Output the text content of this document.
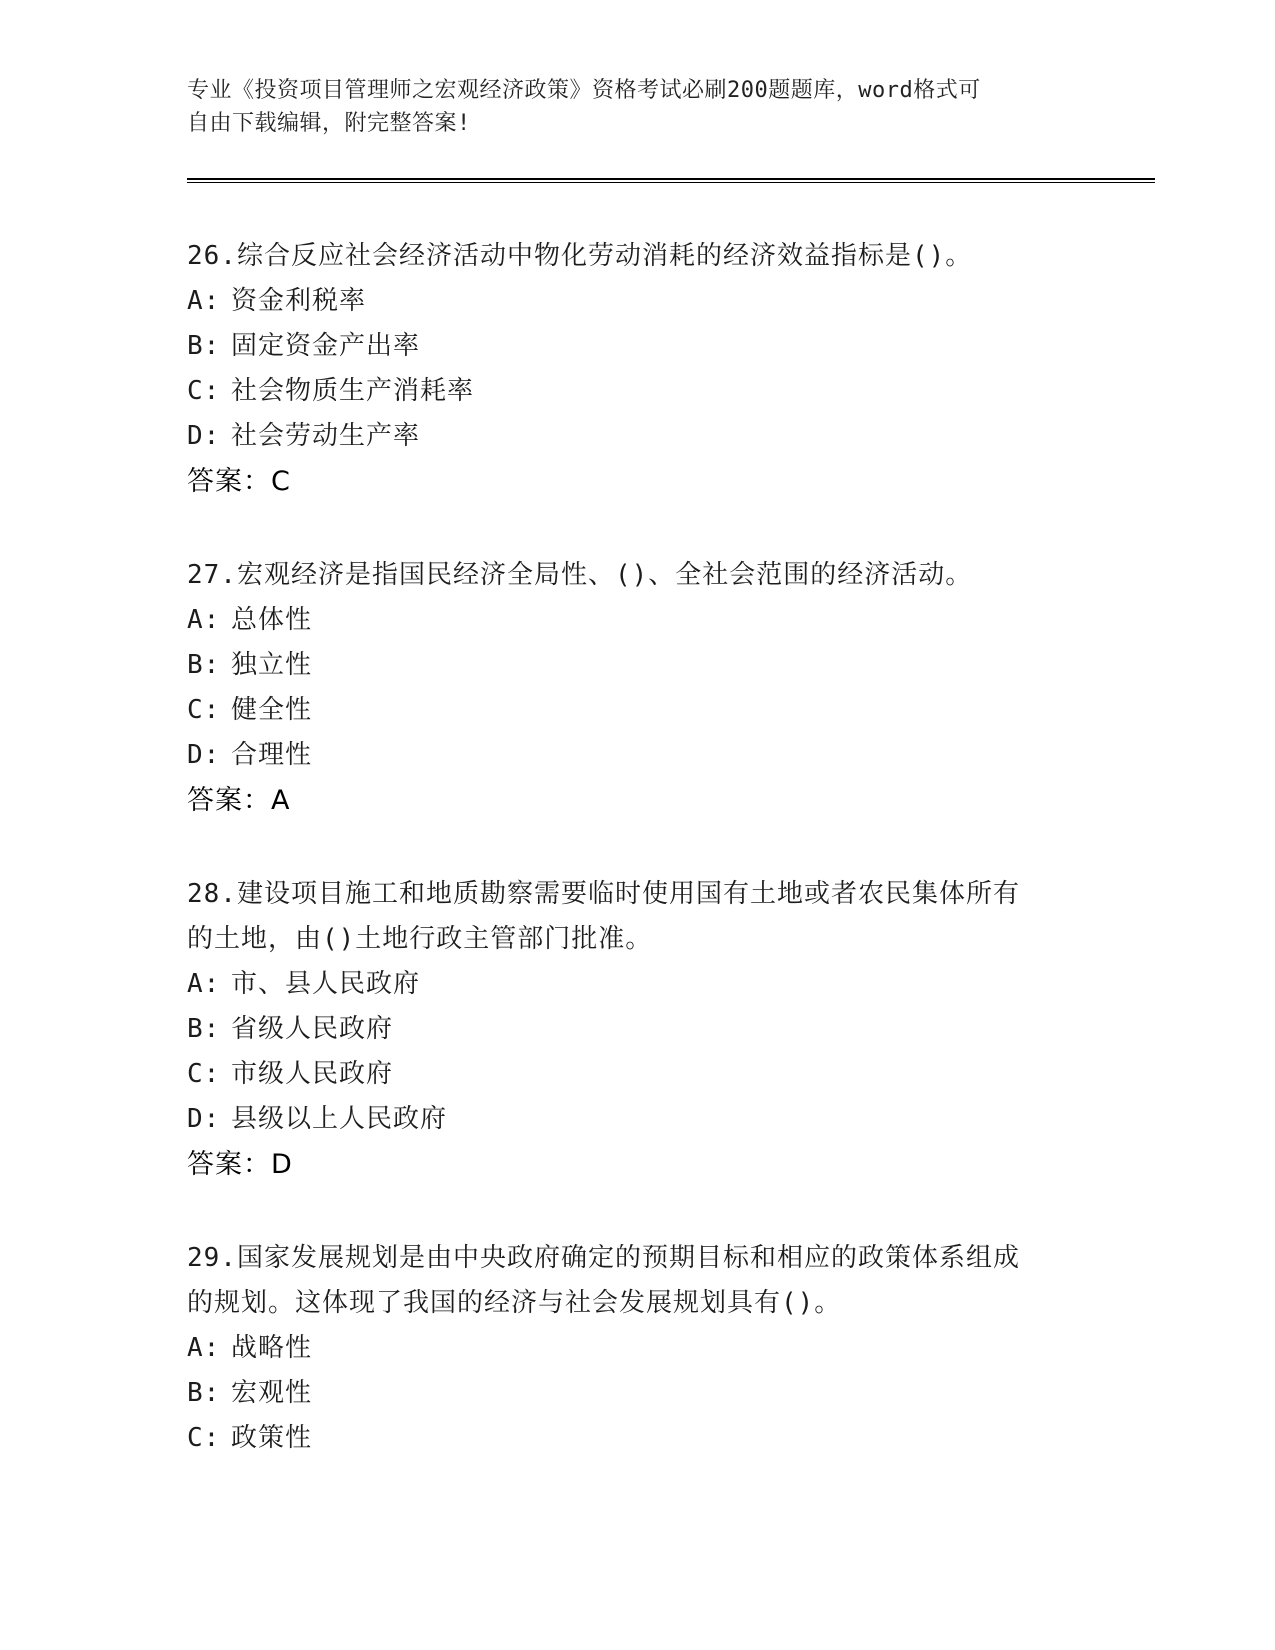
专业《投资项目管理师之宏观经济政策》资格考试必刷200题题库，word格式可
自由下载编辑，附完整答案!
26.综合反应社会经济活动中物化劳动消耗的经济效益指标是()。
A: 资金利税率
B: 固定资金产出率
C: 社会物质生产消耗率
D: 社会劳动生产率
答案：C
27.宏观经济是指国民经济全局性、()、全社会范围的经济活动。
A: 总体性
B: 独立性
C: 健全性
D: 合理性
答案：A
28.建设项目施工和地质勘察需要临时使用国有土地或者农民集体所有
的土地，由()土地行政主管部门批准。
A: 市、县人民政府
B: 省级人民政府
C: 市级人民政府
D: 县级以上人民政府
答案：D
29.国家发展规划是由中央政府确定的预期目标和相应的政策体系组成
的规划。这体现了我国的经济与社会发展规划具有()。
A: 战略性
B: 宏观性
C: 政策性
